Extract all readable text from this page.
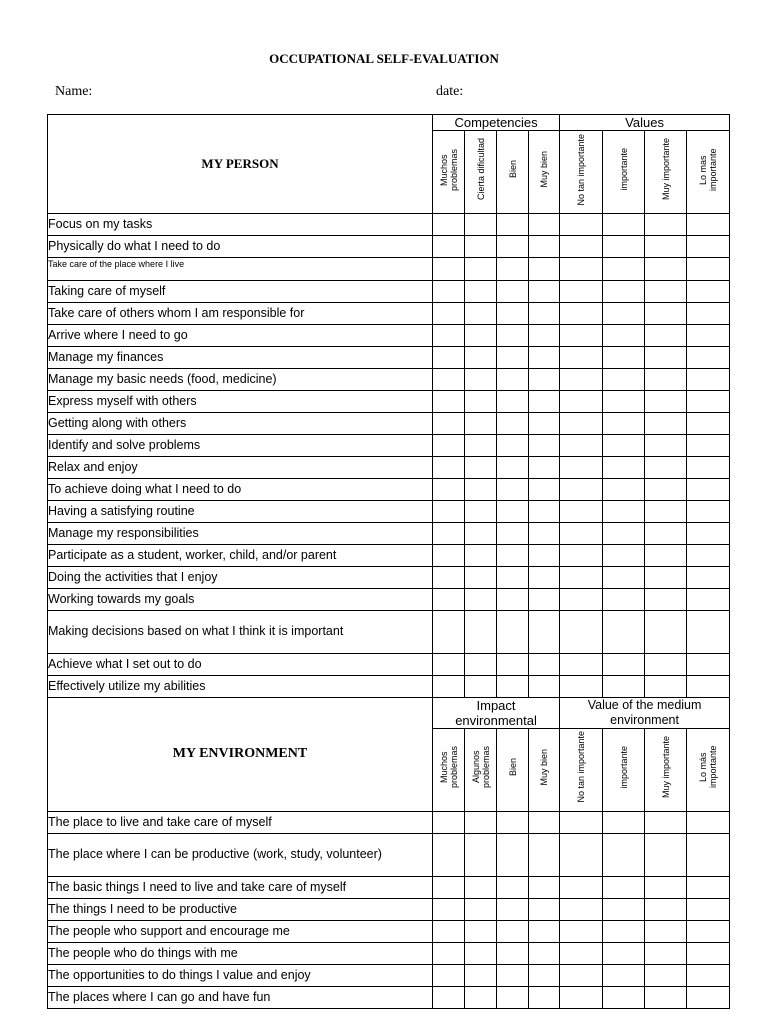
OCCUPATIONAL SELF-EVALUATION
Name:	date:
MY PERSON	Competencies				Values			
	Muchos problemas	Cierta dificultad	Bien	Muy bien	No tan importante	importante	Muy importante	Lo mas importante
Focus on my tasks								
Physically do what I need to do								
Take care of the place where I live								
Taking care of myself								
Take care of others whom I am responsible for								
Arrive where I need to go								
Manage my finances								
Manage my basic needs (food, medicine)								
Express myself with others								
Getting along with others								
Identify and solve problems								
Relax and enjoy								
To achieve doing what I need to do								
Having a satisfying routine								
Manage my responsibilities								
Participate as a student, worker, child, and/or parent								
Doing the activities that I enjoy								
Working towards my goals								
Making decisions based on what I think it is important								
Achieve what I set out to do								
Effectively utilize my abilities								
MY ENVIRONMENT	Impact environmental				Value of the medium environment			
	Muchos problemas	Algunos problemas	Bien	Muy bien	No tan importante	importante	Muy importante	Lo más importante
The place to live and take care of myself								
The place where I can be productive (work, study, volunteer)								
The basic things I need to live and take care of myself								
The things I need to be productive								
The people who support and encourage me								
The people who do things with me								
The opportunities to do things I value and enjoy								
The places where I can go and have fun								
